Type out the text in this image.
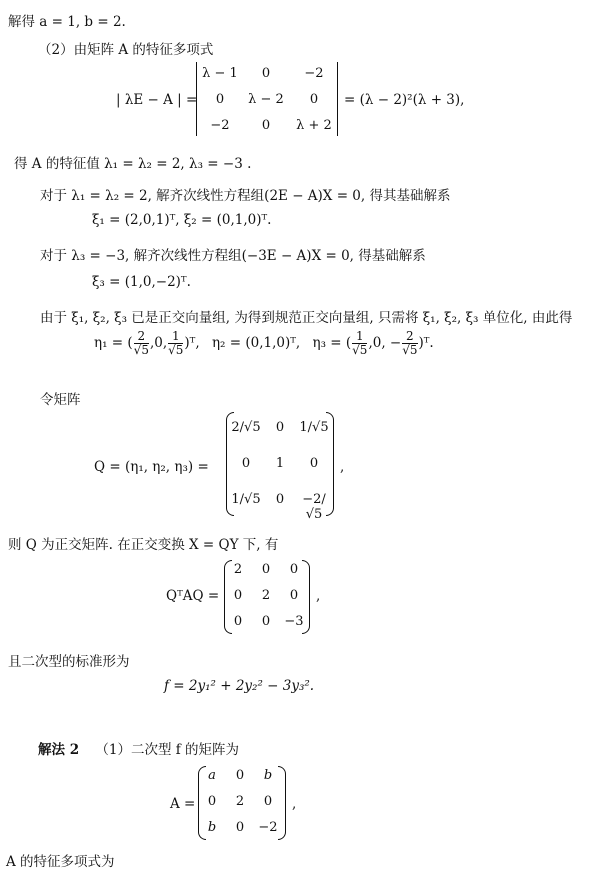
解得 a = 1, b = 2.
（2）由矩阵 A 的特征多项式
| λE − A | =
λ − 1	0	−2
0	λ − 2	0
−2	0	λ + 2
= (λ − 2)²(λ + 3),
得 A 的特征值 λ₁ = λ₂ = 2, λ₃ = −3 .
对于 λ₁ = λ₂ = 2, 解齐次线性方程组(2E − A)X = 0, 得其基础解系
ξ₁ = (2,0,1)ᵀ, ξ₂ = (0,1,0)ᵀ.
对于 λ₃ = −3, 解齐次线性方程组(−3E − A)X = 0, 得基础解系
ξ₃ = (1,0,−2)ᵀ.
由于 ξ₁, ξ₂, ξ₃ 已是正交向量组, 为得到规范正交向量组, 只需将 ξ₁, ξ₂, ξ₃ 单位化, 由此得
η₁ = ( $\frac{2}{√5} ,0$, $\frac{1}{√5}$ )ᵀ, η₂ = (0,1,0)ᵀ, η₃ = ( $\frac{1}{√5} ,0$, − $\frac{2}{√5}$ )ᵀ.
令矩阵
Q = (η₁, η₂, η₃) =
2/√5	0	1/√5
0	1	0
1/√5	0	−2/√5
,
则 Q 为正交矩阵. 在正交变换 X = QY 下, 有
QᵀAQ =
2	0	0
0	2	0
0	0	−3
,
且二次型的标准形为
f = 2y₁² + 2y₂² − 3y₃².
解法 2 （1）二次型 f 的矩阵为
A =
a	0	b
0	2	0
b	0	−2
,
A 的特征多项式为
